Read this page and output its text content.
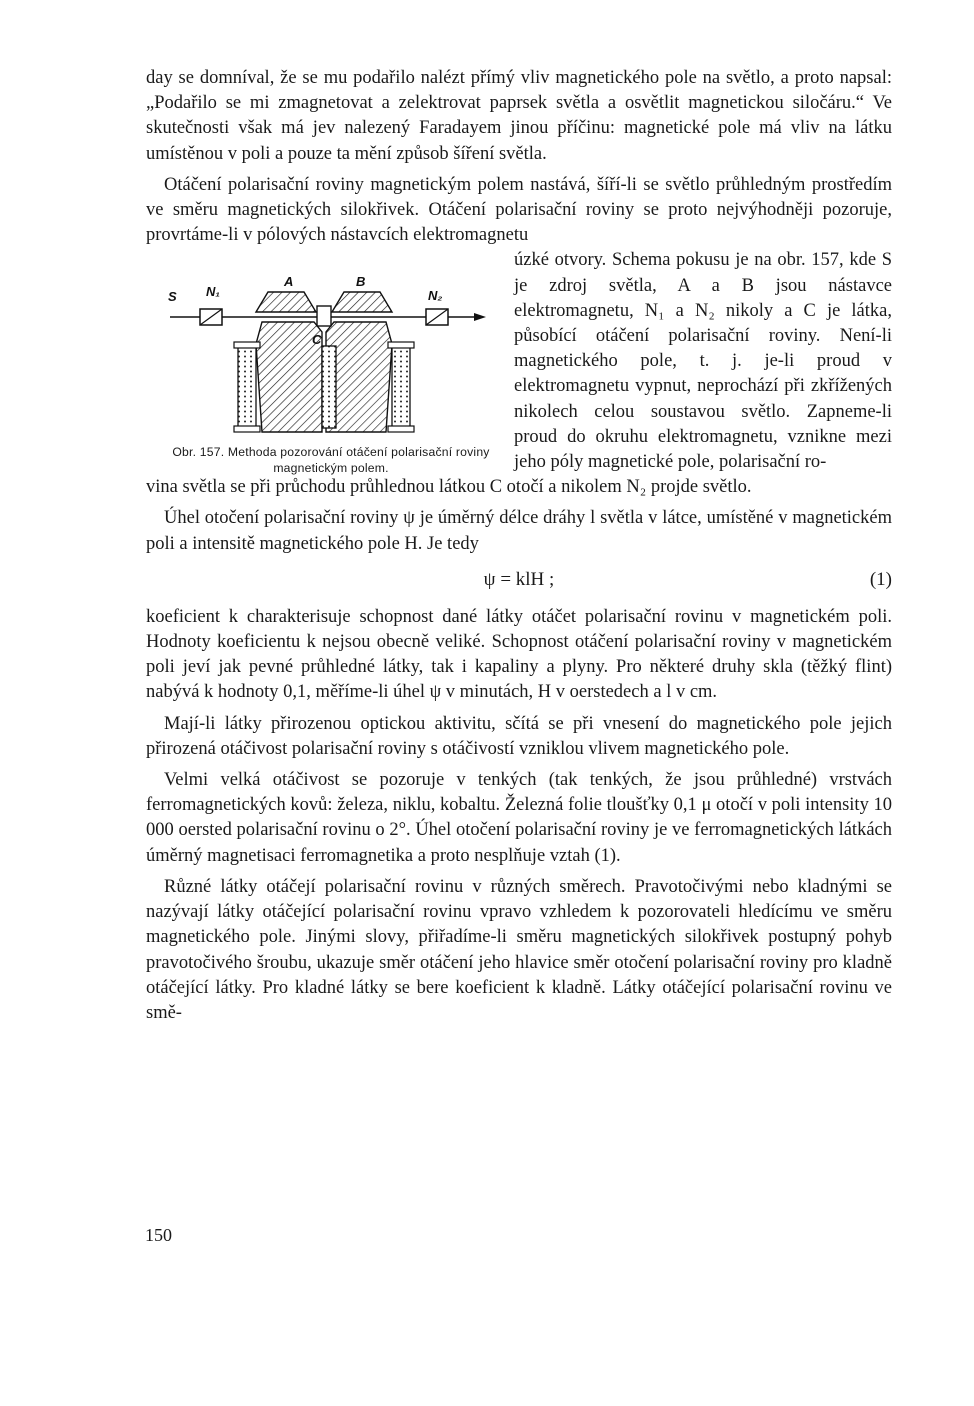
day se domníval, že se mu podařilo nalézt přímý vliv magnetického pole na světlo, a proto napsal: „Podařilo se mi zmagnetovat a zelektrovat paprsek světla a osvětlit magnetickou siločáru.“ Ve skutečnosti však má jev nalezený Faradayem jinou příčinu: magnetické pole má vliv na látku umístěnou v poli a pouze ta mění způsob šíření světla.

Otáčení polarisační roviny magnetickým polem nastává, šíří-li se světlo průhledným prostředím ve směru magnetických silokřivek. Otáčení polarisační roviny se proto nejvýhodněji pozoruje, provrtáme-li v pólových nástavcích elektromagnetu

S N₁	N₂
A	B
Obr. 157. Methoda pozorování otáčení polarisační roviny magnetickým polem.

úzké otvory. Schema pokusu je na obr. 157, kde S je zdroj světla, A a B jsou nástavce elektromagnetu, N₁ a N₂ nikoly a C je látka, působící otáčení polarisační roviny. Není-li magnetického pole, t. j. je-li proud v elektromagnetu vypnut, neprochází při zkřížených nikolech celou soustavou světlo. Zapneme-li proud do okruhu elektromagnetu, vznikne mezi jeho póly magnetické pole, polarisační ro-

vina světla se při průchodu průhlednou látkou C otočí a nikolem N₂ projde světlo.

Úhel otočení polarisační roviny ψ je úměrný délce dráhy l světla v látce, umístěné v magnetickém poli a intensitě magnetického pole H. Je tedy

ψ = klH ;	(1)

koeficient k charakterisuje schopnost dané látky otáčet polarisační rovinu v magnetickém poli. Hodnoty koeficientu k nejsou obecně veliké. Schopnost otáčení polarisační roviny v magnetickém poli jeví jak pevné průhledné látky, tak i kapaliny a plyny. Pro některé druhy skla (těžký flint) nabývá k hodnoty 0,1, měříme-li úhel ψ v minutách, H v oerstedech a l v cm.

Mají-li látky přirozenou optickou aktivitu, sčítá se při vnesení do magnetického pole jejich přirozená otáčivost polarisační roviny s otáčivostí vzniklou vlivem magnetického pole.

Velmi velká otáčivost se pozoruje v tenkých (tak tenkých, že jsou průhledné) vrstvách ferromagnetických kovů: železa, niklu, kobaltu. Železná folie tloušťky 0,1 μ otočí v poli intensity 10 000 oersted polarisační rovinu o 2°. Úhel otočení polarisační roviny je ve ferromagnetických látkách úměrný magnetisaci ferromagnetika a proto nesplňuje vztah (1).

Různé látky otáčejí polarisační rovinu v různých směrech. Pravotočivými nebo kladnými se nazývají látky otáčející polarisační rovinu vpravo vzhledem k pozorovateli hledícímu ve směru magnetického pole. Jinými slovy, přiřadíme-li směru magnetických silokřivek postupný pohyb pravotočivého šroubu, ukazuje směr otáčení jeho hlavice směr otočení polarisační roviny pro kladně otáčející látky. Pro kladné látky se bere koeficient k kladně. Látky otáčející polarisační rovinu ve smě-

150
